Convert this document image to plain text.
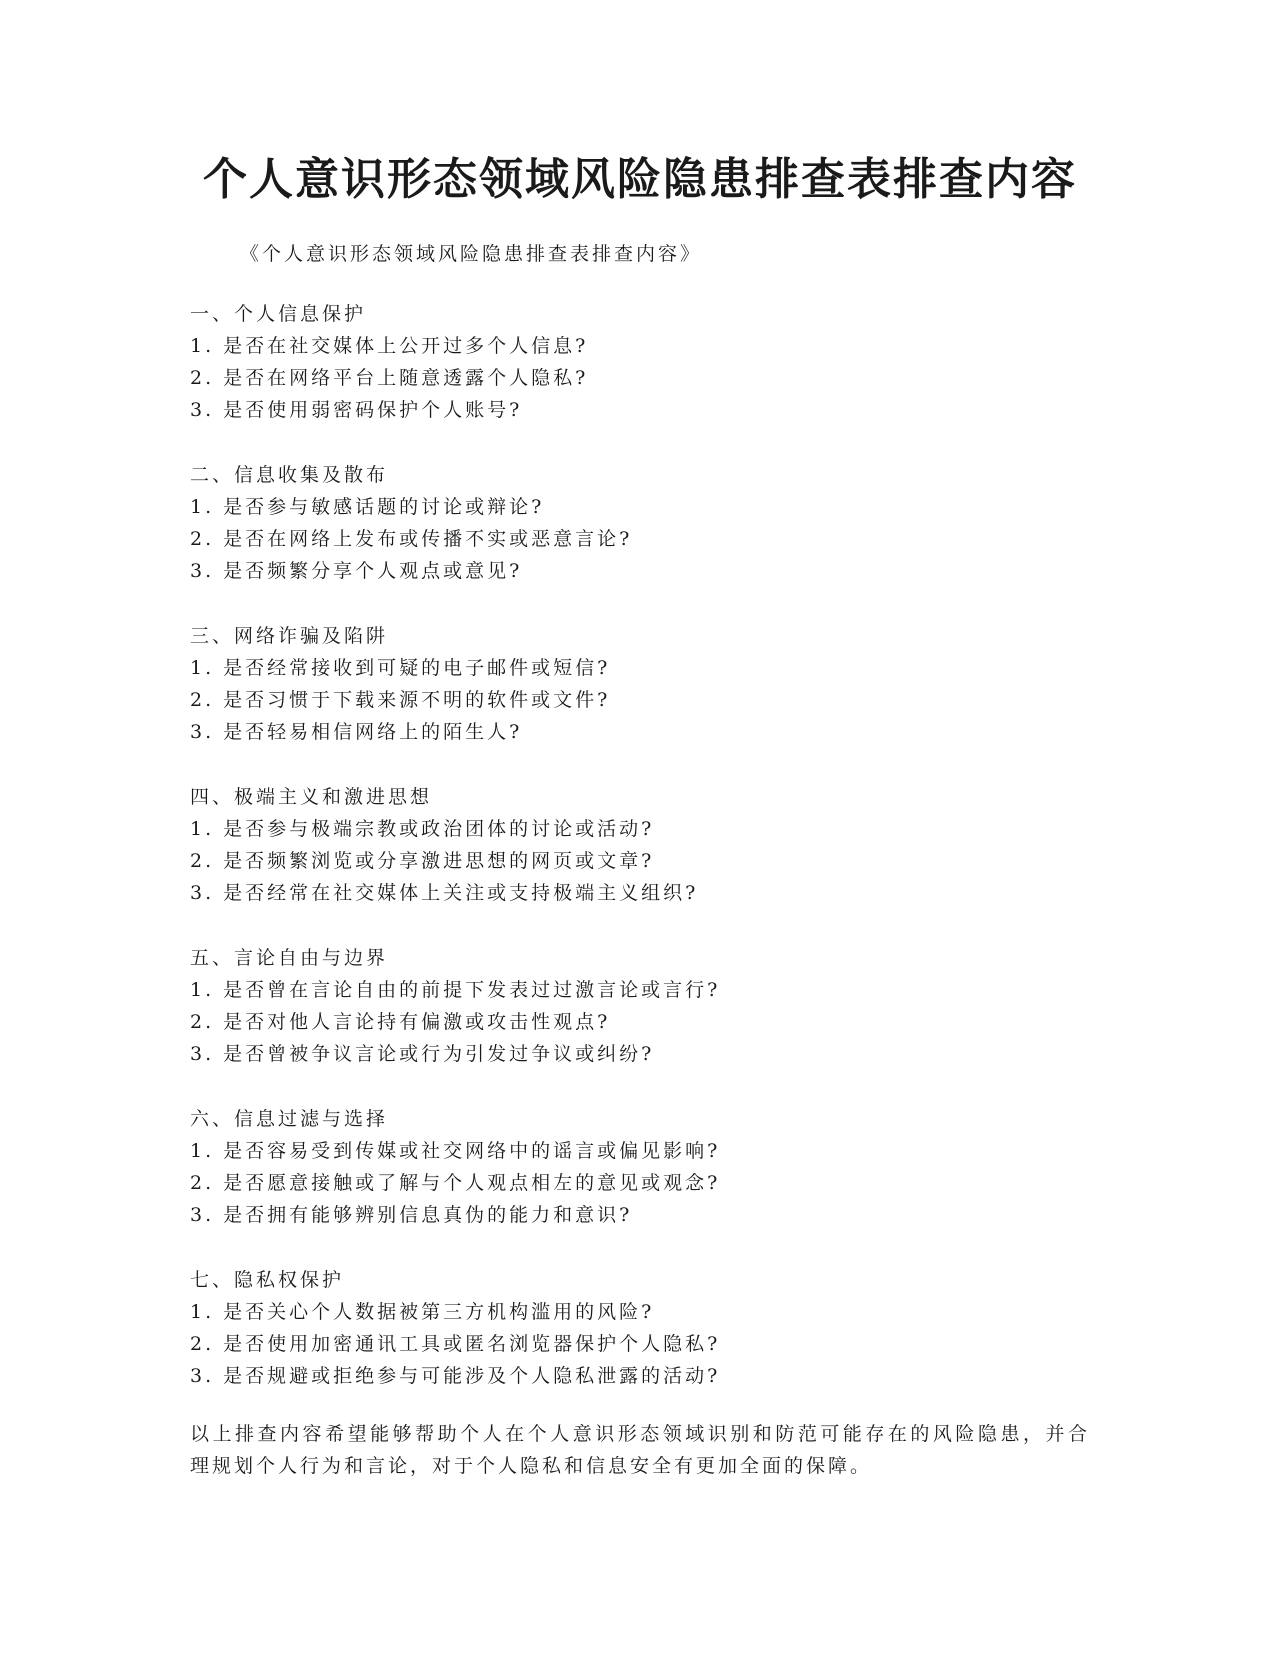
个人意识形态领域风险隐患排查表排查内容

《个人意识形态领域风险隐患排查表排查内容》

一、个人信息保护
1. 是否在社交媒体上公开过多个人信息?
2. 是否在网络平台上随意透露个人隐私?
3. 是否使用弱密码保护个人账号?
二、信息收集及散布
1. 是否参与敏感话题的讨论或辩论?
2. 是否在网络上发布或传播不实或恶意言论?
3. 是否频繁分享个人观点或意见?
三、网络诈骗及陷阱
1. 是否经常接收到可疑的电子邮件或短信?
2. 是否习惯于下载来源不明的软件或文件?
3. 是否轻易相信网络上的陌生人?
四、极端主义和激进思想
1. 是否参与极端宗教或政治团体的讨论或活动?
2. 是否频繁浏览或分享激进思想的网页或文章?
3. 是否经常在社交媒体上关注或支持极端主义组织?
五、言论自由与边界
1. 是否曾在言论自由的前提下发表过过激言论或言行?
2. 是否对他人言论持有偏激或攻击性观点?
3. 是否曾被争议言论或行为引发过争议或纠纷?
六、信息过滤与选择
1. 是否容易受到传媒或社交网络中的谣言或偏见影响?
2. 是否愿意接触或了解与个人观点相左的意见或观念?
3. 是否拥有能够辨别信息真伪的能力和意识?
七、隐私权保护
1. 是否关心个人数据被第三方机构滥用的风险?
2. 是否使用加密通讯工具或匿名浏览器保护个人隐私?
3. 是否规避或拒绝参与可能涉及个人隐私泄露的活动?

以上排查内容希望能够帮助个人在个人意识形态领域识别和防范可能存在的风险隐患，并合理规划个人行为和言论，对于个人隐私和信息安全有更加全面的保障。
